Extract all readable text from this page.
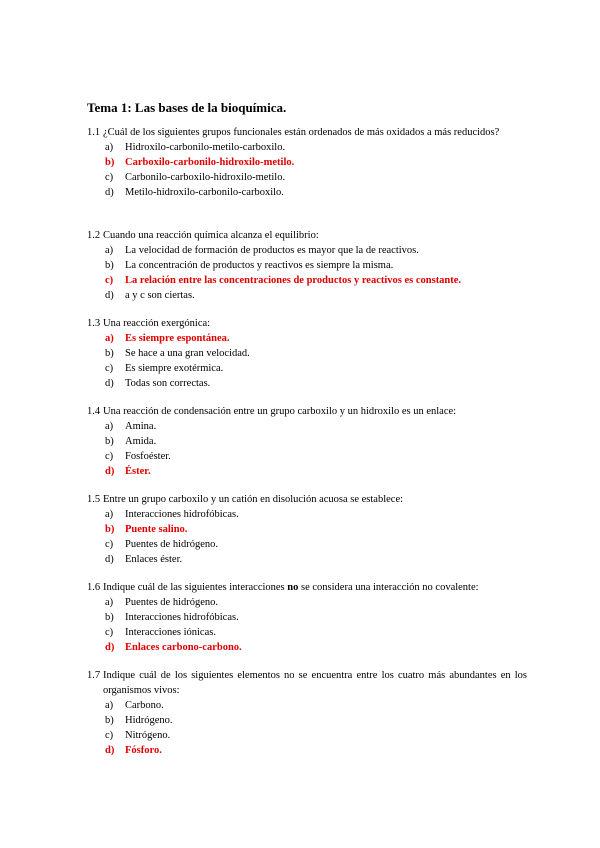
Tema 1: Las bases de la bioquímica.
1.1 ¿Cuál de los siguientes grupos funcionales están ordenados de más oxidados a más reducidos?
a)	Hidroxilo-carbonilo-metilo-carboxilo.
b)	Carboxilo-carbonilo-hidroxilo-metilo.
c)	Carbonilo-carboxilo-hidroxilo-metilo.
d)	Metilo-hidroxilo-carbonilo-carboxilo.
1.2 Cuando una reacción química alcanza el equilibrio:
a)	La velocidad de formación de productos es mayor que la de reactivos.
b)	La concentración de productos y reactivos es siempre la misma.
c)	La relación entre las concentraciones de productos y reactivos es constante.
d)	a y c son ciertas.
1.3 Una reacción exergónica:
a)	Es siempre espontánea.
b)	Se hace a una gran velocidad.
c)	Es siempre exotérmica.
d)	Todas son correctas.
1.4 Una reacción de condensación entre un grupo carboxilo y un hidroxilo es un enlace:
a)	Amina.
b)	Amida.
c)	Fosfoéster.
d)	Éster.
1.5 Entre un grupo carboxilo y un catión en disolución acuosa se establece:
a)	Interacciones hidrofóbicas.
b)	Puente salino.
c)	Puentes de hidrógeno.
d)	Enlaces éster.
1.6 Indique cuál de las siguientes interacciones no se considera una interacción no covalente:
a)	Puentes de hidrógeno.
b)	Interacciones hidrofóbicas.
c)	Interacciones iónicas.
d)	Enlaces carbono-carbono.
1.7 Indique cuál de los siguientes elementos no se encuentra entre los cuatro más abundantes en los organismos vivos:
a)	Carbono.
b)	Hidrógeno.
c)	Nitrógeno.
d)	Fósforo.
